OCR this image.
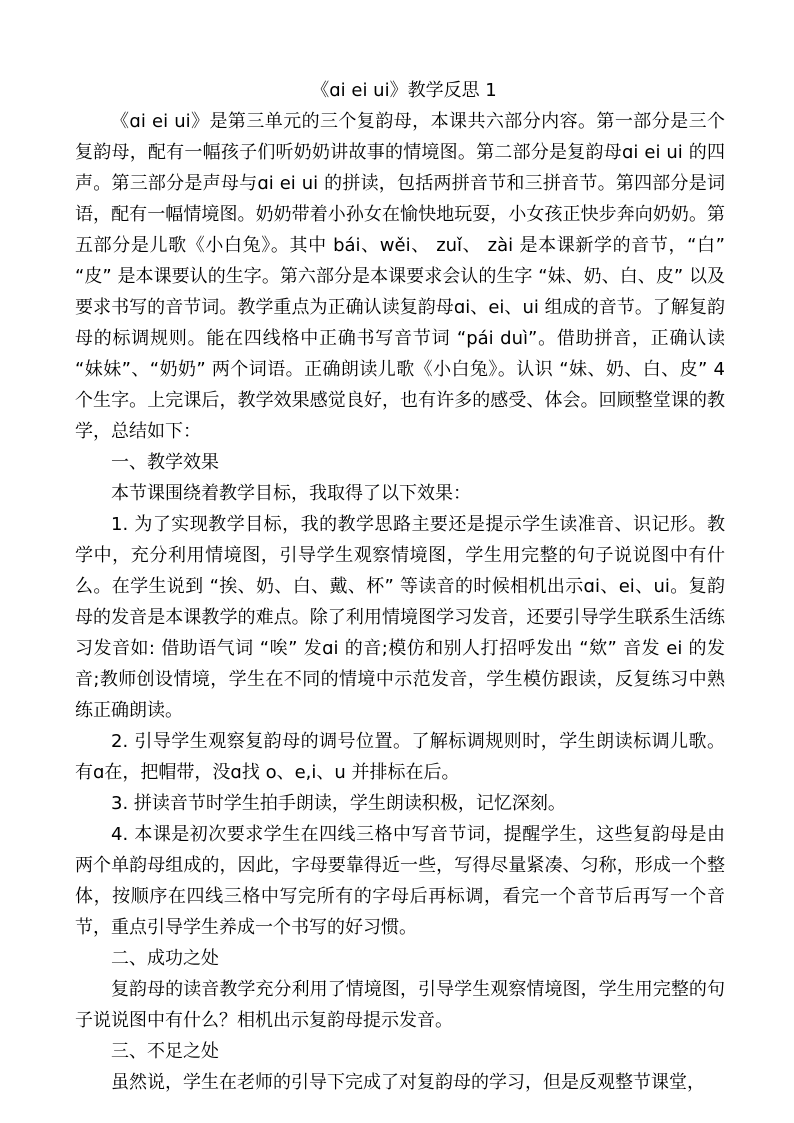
《ɑi ei ui》教学反思 1

《ɑi ei ui》是第三单元的三个复韵母，本课共六部分内容。第一部分是三个复韵母，配有一幅孩子们听奶奶讲故事的情境图。第二部分是复韵母ɑi ei ui 的四声。第三部分是声母与ɑi ei ui 的拼读，包括两拼音节和三拼音节。第四部分是词语，配有一幅情境图。奶奶带着小孙女在愉快地玩耍，小女孩正快步奔向奶奶。第五部分是儿歌《小白兔》。其中 bái、wěi、 zuǐ、 zài 是本课新学的音节，“白” “皮” 是本课要认的生字。第六部分是本课要求会认的生字 “妹、奶、白、皮” 以及要求书写的音节词。教学重点为正确认读复韵母ɑi、ei、ui 组成的音节。了解复韵母的标调规则。能在四线格中正确书写音节词 “pái duì”。借助拼音，正确认读 “妹妹”、“奶奶” 两个词语。正确朗读儿歌《小白兔》。认识 “妹、奶、白、皮” 4 个生字。上完课后，教学效果感觉良好，也有许多的感受、体会。回顾整堂课的教学，总结如下：

一、教学效果

本节课围绕着教学目标，我取得了以下效果：

1. 为了实现教学目标，我的教学思路主要还是提示学生读准音、识记形。教学中，充分利用情境图，引导学生观察情境图，学生用完整的句子说说图中有什么。在学生说到 “挨、奶、白、戴、杯” 等读音的时候相机出示ɑi、ei、ui。复韵母的发音是本课教学的难点。除了利用情境图学习发音，还要引导学生联系生活练习发音如: 借助语气词 “唉” 发ɑi 的音;模仿和别人打招呼发出 “欸” 音发 ei 的发音;教师创设情境，学生在不同的情境中示范发音，学生模仿跟读，反复练习中熟练正确朗读。

2. 引导学生观察复韵母的调号位置。了解标调规则时，学生朗读标调儿歌。有ɑ在，把帽带，没ɑ找 o、e,i、u 并排标在后。

3. 拼读音节时学生拍手朗读，学生朗读积极，记忆深刻。

4. 本课是初次要求学生在四线三格中写音节词，提醒学生，这些复韵母是由两个单韵母组成的，因此，字母要靠得近一些，写得尽量紧凑、匀称，形成一个整体，按顺序在四线三格中写完所有的字母后再标调，看完一个音节后再写一个音节，重点引导学生养成一个书写的好习惯。

二、成功之处

复韵母的读音教学充分利用了情境图，引导学生观察情境图，学生用完整的句子说说图中有什么？相机出示复韵母提示发音。

三、不足之处

虽然说，学生在老师的引导下完成了对复韵母的学习，但是反观整节课堂，
